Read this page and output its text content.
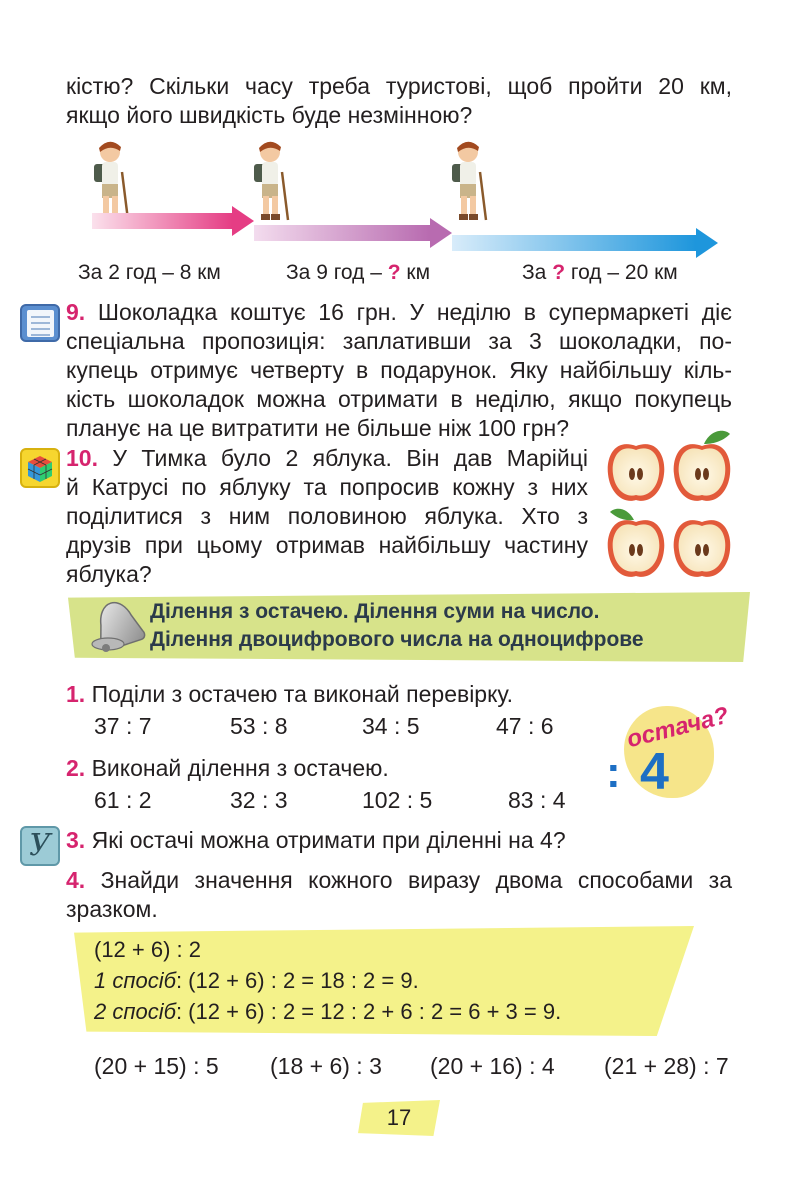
кістю? Скільки часу треба туристові, щоб пройти 20 км,
якщо його швидкість буде незмінною?
За 2 год – 8 км	За 9 год – ? км	За ? год – 20 км
9. Шоколадка коштує 16 грн. У неділю в супермаркеті діє
спеціальна пропозиція: заплативши за 3 шоколадки, по-
купець отримує четверту в подарунок. Яку найбільшу кіль-
кість шоколадок можна отримати в неділю, якщо покупець
планує на це витратити не більше ніж 100 грн?
10. У Тимка було 2 яблука. Він дав Марійці
й Катрусі по яблуку та попросив кожну з них
поділитися з ним половиною яблука. Хто з
друзів при цьому отримав найбільшу частину
яблука?
Ділення з остачею. Ділення суми на число.
Ділення двоцифрового числа на одноцифрове
1. Поділи з остачею та виконай перевірку.
37 : 7	53 : 8	34 : 5	47 : 6
2. Виконай ділення з остачею.
61 : 2	32 : 3	102 : 5	83 : 4
остача?
: 4
У 3. Які остачі можна отримати при діленні на 4?
4. Знайди значення кожного виразу двома способами за
зразком.
(12 + 6) : 2
1 спосіб: (12 + 6) : 2 = 18 : 2 = 9.
2 спосіб: (12 + 6) : 2 = 12 : 2 + 6 : 2 = 6 + 3 = 9.
(20 + 15) : 5 (18 + 6) : 3 (20 + 16) : 4 (21 + 28) : 7
17
